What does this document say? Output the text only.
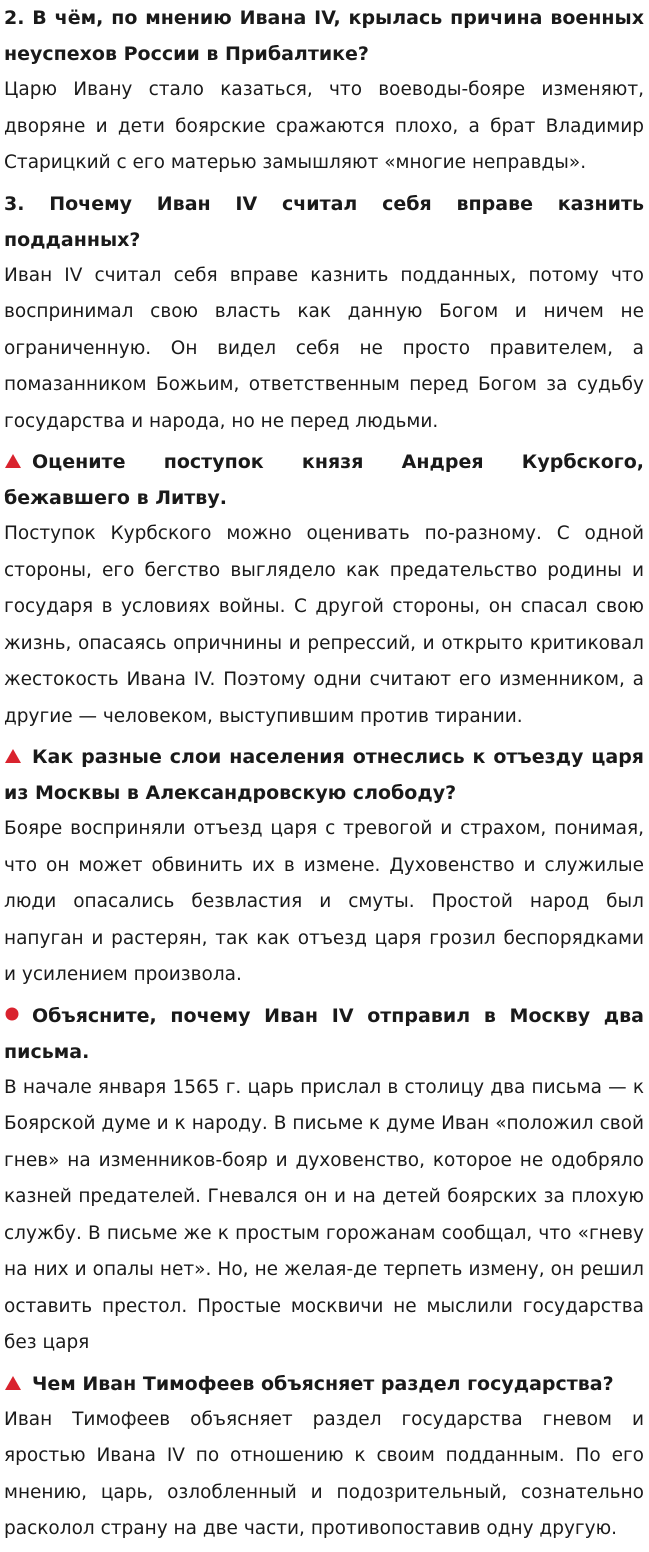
2. В чём, по мнению Ивана IV, крылась причина военных неуспехов России в Прибалтике?

Царю Ивану стало казаться, что воеводы-бояре изменяют, дворяне и дети боярские сражаются плохо, а брат Владимир Старицкий с его матерью замышляют «многие неправды».

3. Почему Иван IV считал себя вправе казнить подданных?

Иван IV считал себя вправе казнить подданных, потому что воспринимал свою власть как данную Богом и ничем не ограниченную. Он видел себя не просто правителем, а помазанником Божьим, ответственным перед Богом за судьбу государства и народа, но не перед людьми.

Оцените поступок князя Андрея Курбского, бежавшего в Литву.

Поступок Курбского можно оценивать по-разному. С одной стороны, его бегство выглядело как предательство родины и государя в условиях войны. С другой стороны, он спасал свою жизнь, опасаясь опричнины и репрессий, и открыто критиковал жестокость Ивана IV. Поэтому одни считают его изменником, а другие — человеком, выступившим против тирании.

Как разные слои населения отнеслись к отъезду царя из Москвы в Александровскую слободу?

Бояре восприняли отъезд царя с тревогой и страхом, понимая, что он может обвинить их в измене. Духовенство и служилые люди опасались безвластия и смуты. Простой народ был напуган и растерян, так как отъезд царя грозил беспорядками и усилением произвола.

Объясните, почему Иван IV отправил в Москву два письма.

В начале января 1565 г. царь прислал в столицу два письма — к Боярской думе и к народу. В письме к думе Иван «положил свой гнев» на изменников-бояр и духовенство, которое не одобряло казней предателей. Гневался он и на детей боярских за плохую службу. В письме же к простым горожанам сообщал, что «гневу на них и опалы нет». Но, не желая-де терпеть измену, он решил оставить престол. Простые москвичи не мыслили государства без царя

Чем Иван Тимофеев объясняет раздел государства?

Иван Тимофеев объясняет раздел государства гневом и яростью Ивана IV по отношению к своим подданным. По его мнению, царь, озлобленный и подозрительный, сознательно расколол страну на две части, противопоставив одну другую.
